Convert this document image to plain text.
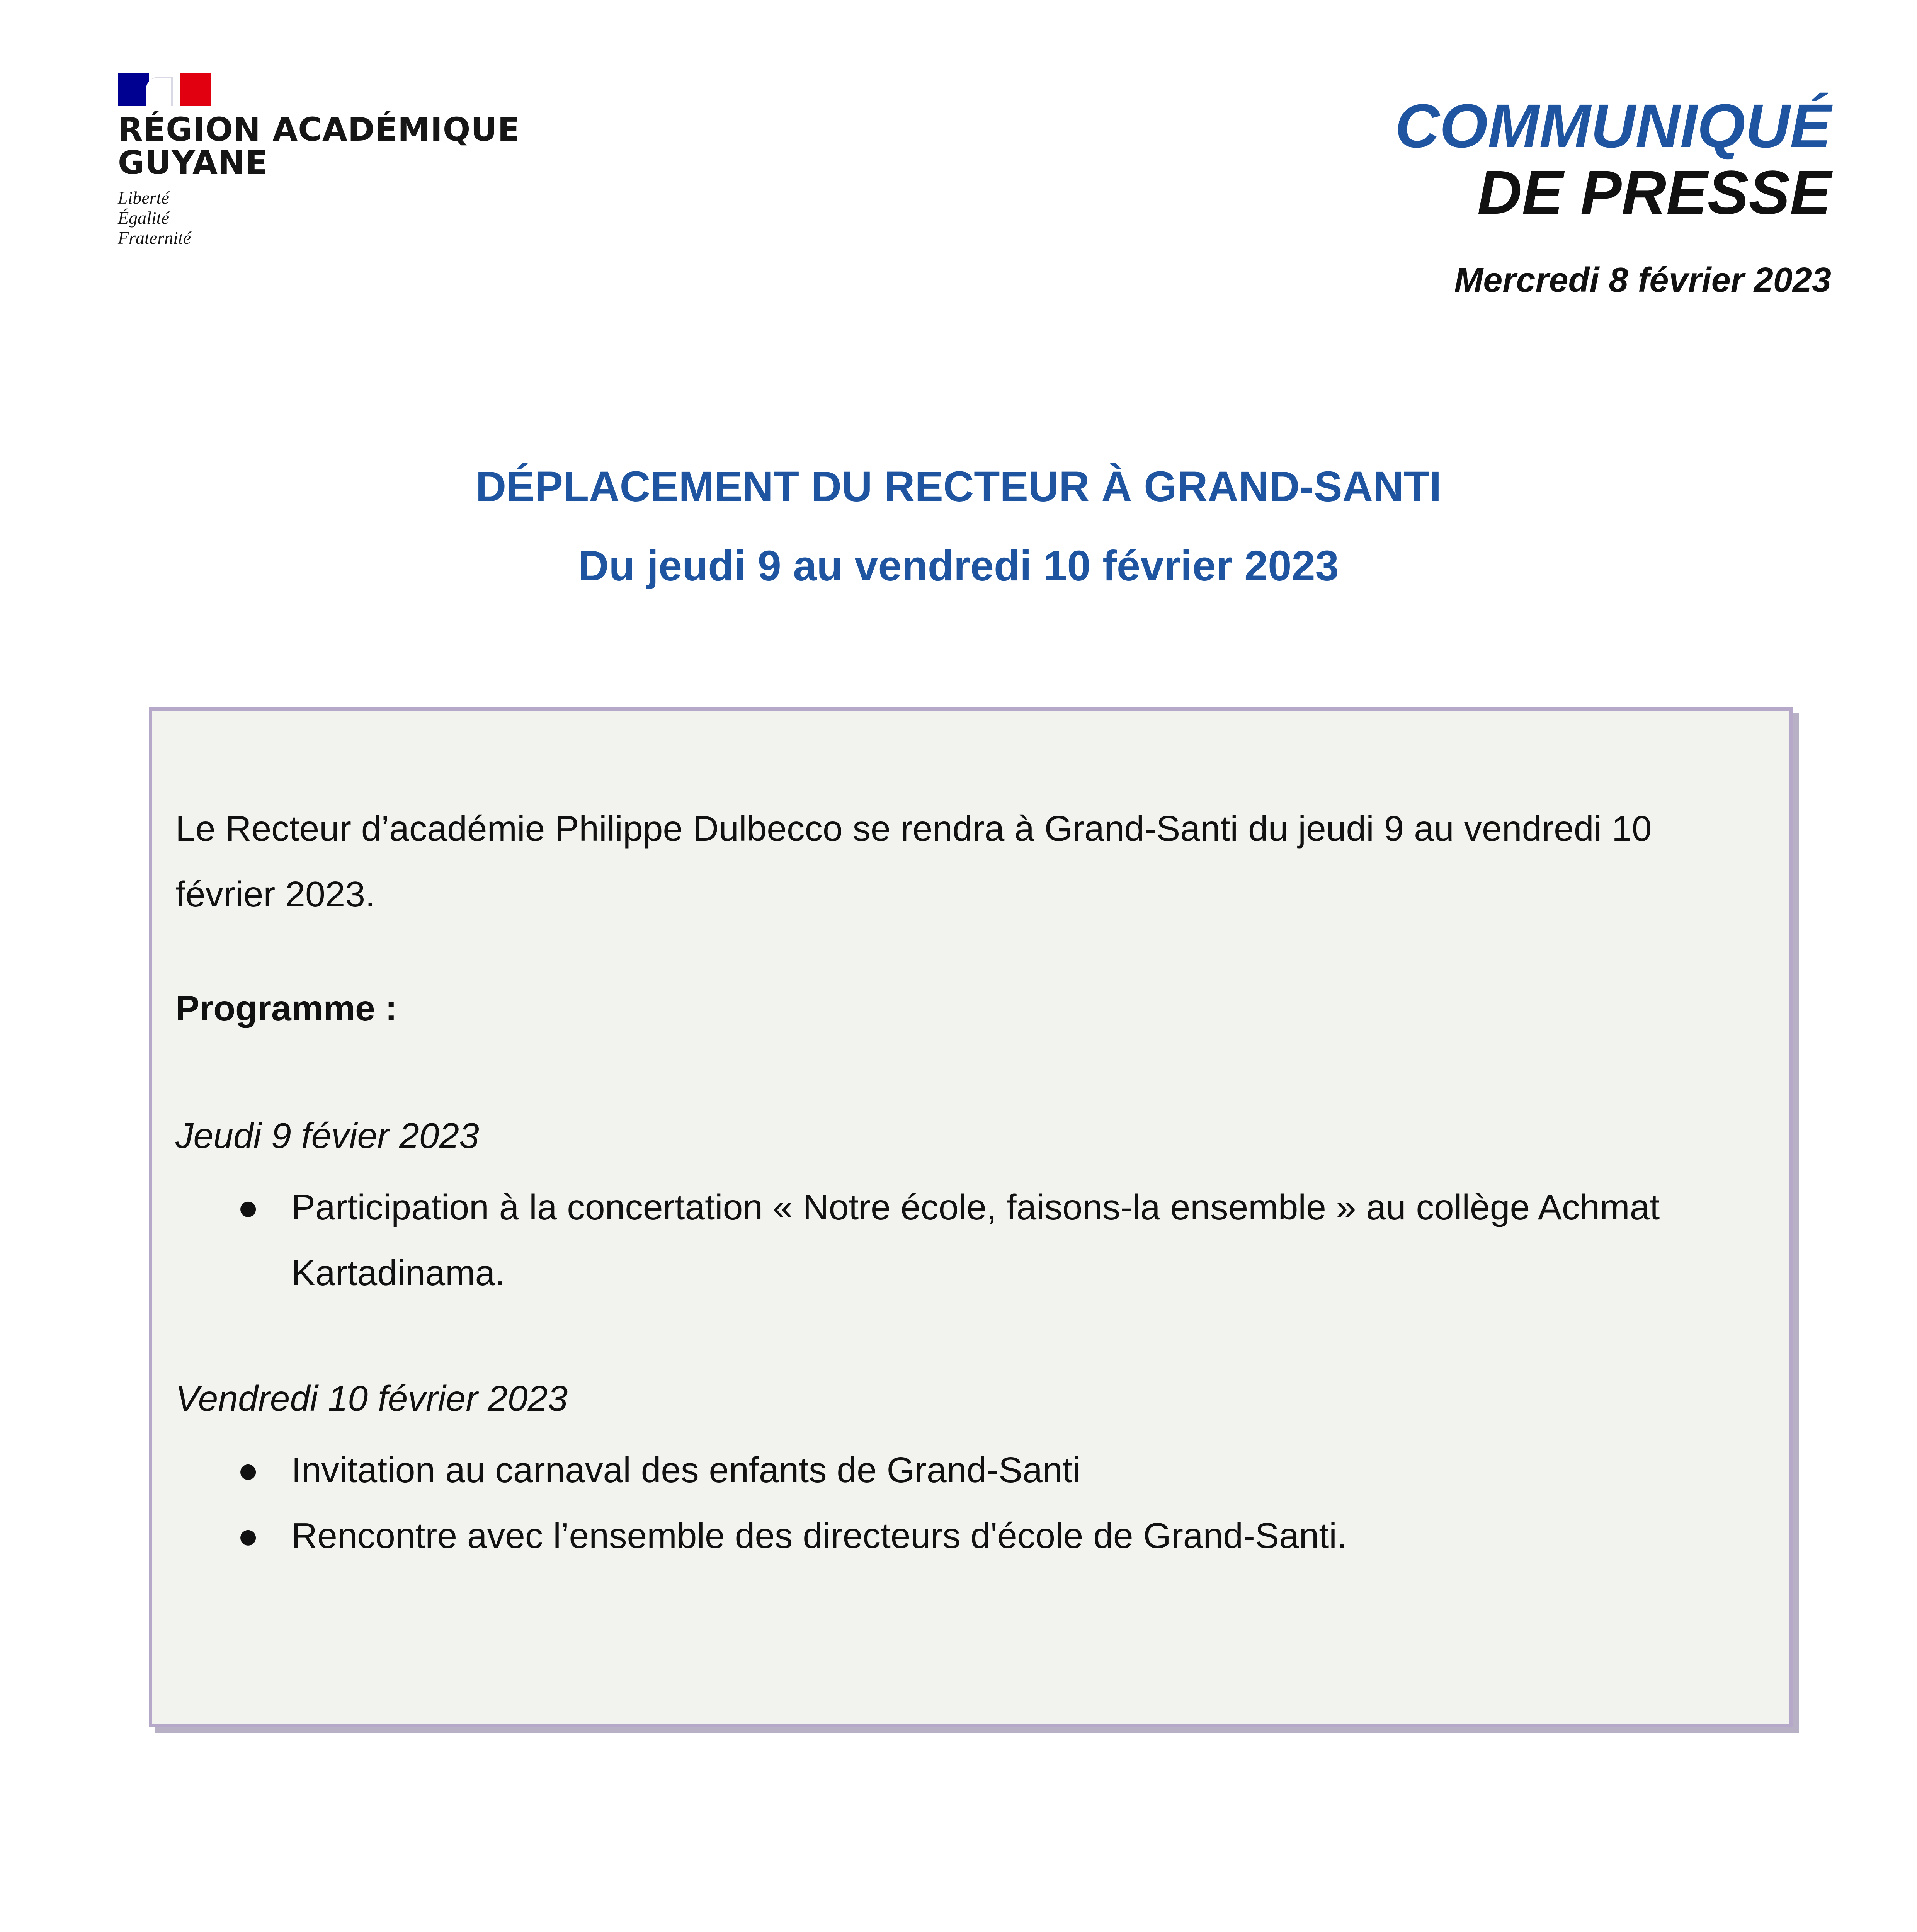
RÉGION ACADÉMIQUE
GUYANE
Liberté
Égalité
Fraternité
COMMUNIQUÉ
DE PRESSE
Mercredi 8 février 2023
DÉPLACEMENT DU RECTEUR À GRAND-SANTI
Du jeudi 9 au vendredi 10 février 2023

Le Recteur d’académie Philippe Dulbecco se rendra à Grand-Santi du jeudi 9 au vendredi 10 février 2023.

Programme :
Jeudi 9 févier 2023
● Participation à la concertation « Notre école, faisons-la ensemble » au collège Achmat Kartadinama.
Vendredi 10 février 2023
● Invitation au carnaval des enfants de Grand-Santi
● Rencontre avec l’ensemble des directeurs d'école de Grand-Santi.
